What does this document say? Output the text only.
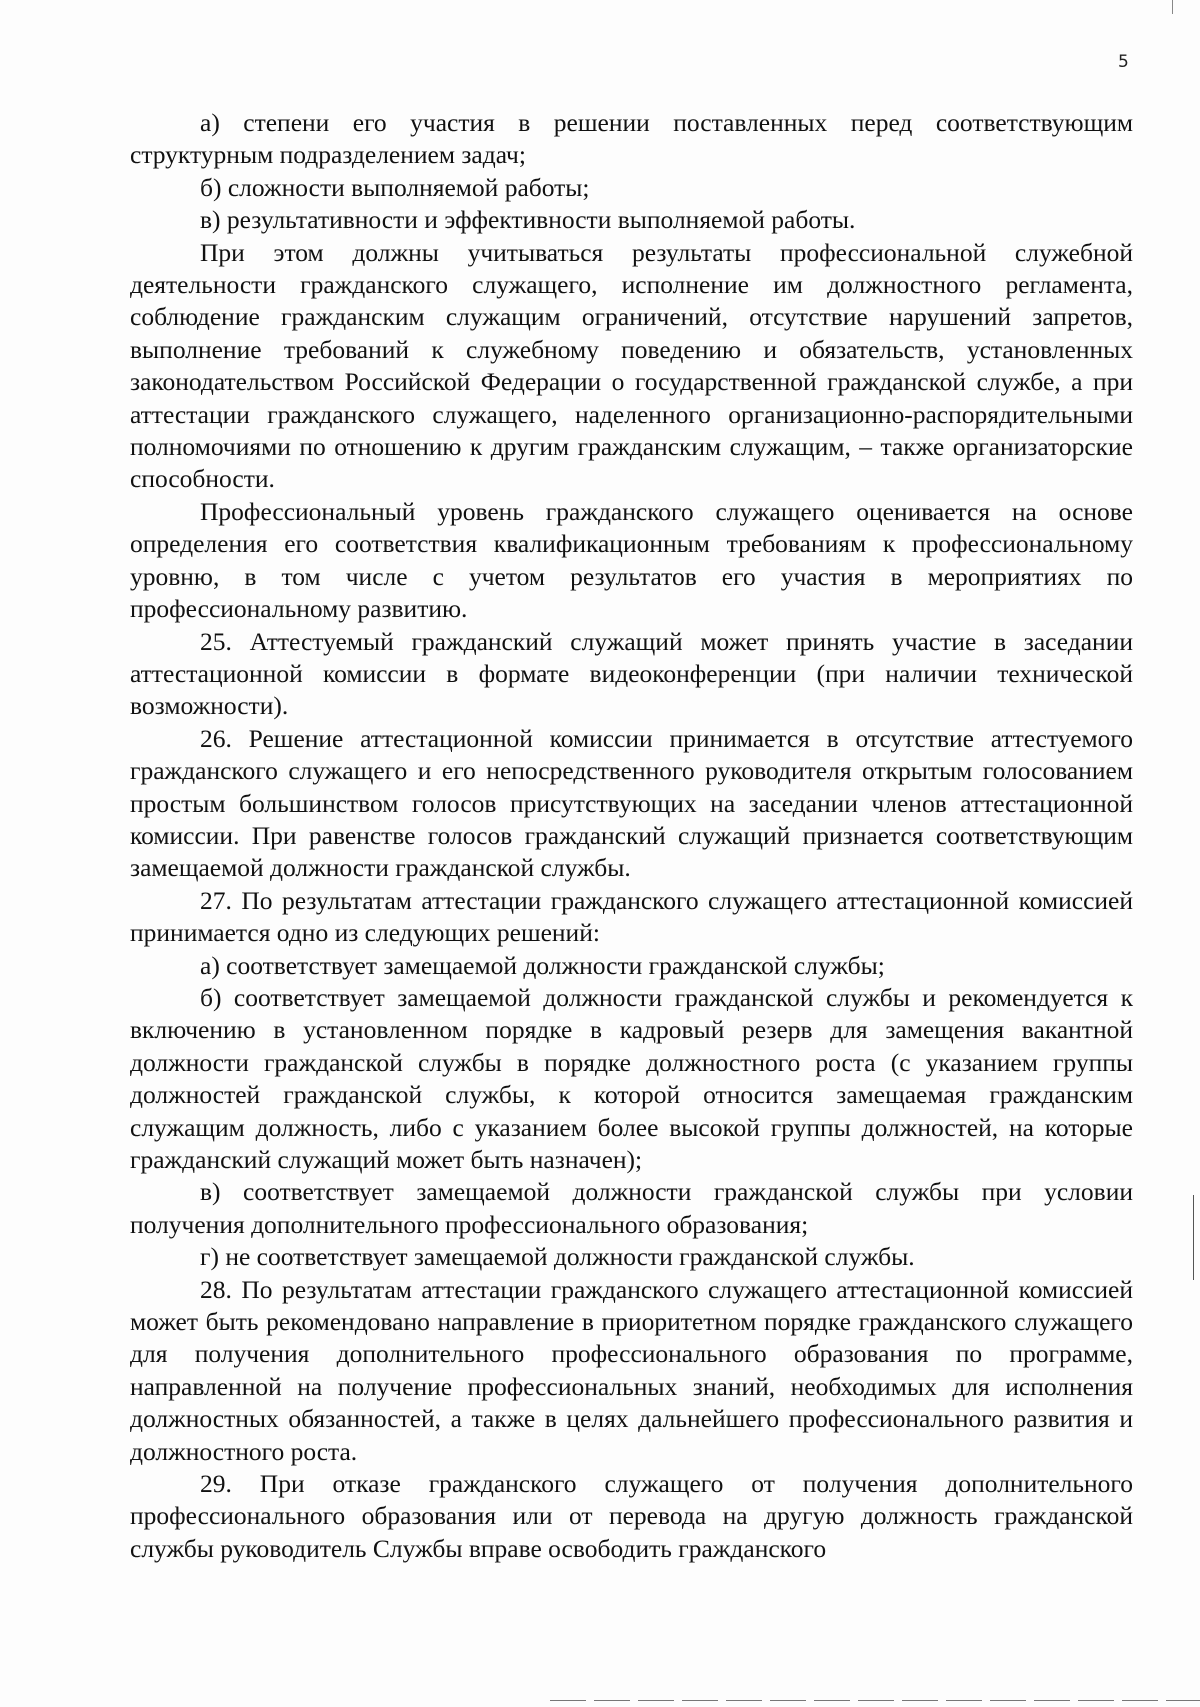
5

а) степени его участия в решении поставленных перед соответствующим структурным подразделением задач;

б) сложности выполняемой работы;

в) результативности и эффективности выполняемой работы.

При этом должны учитываться результаты профессиональной служебной деятельности гражданского служащего, исполнение им должностного регламента, соблюдение гражданским служащим ограничений, отсутствие нарушений запретов, выполнение требований к служебному поведению и обязательств, установленных законодательством Российской Федерации о государственной гражданской службе, а при аттестации гражданского служащего, наделенного организационно-распорядительными полномочиями по отношению к другим гражданским служащим, – также организаторские способности.

Профессиональный уровень гражданского служащего оценивается на основе определения его соответствия квалификационным требованиям к профессиональному уровню, в том числе с учетом результатов его участия в мероприятиях по профессиональному развитию.

25. Аттестуемый гражданский служащий может принять участие в заседании аттестационной комиссии в формате видеоконференции (при наличии технической возможности).

26. Решение аттестационной комиссии принимается в отсутствие аттестуемого гражданского служащего и его непосредственного руководителя открытым голосованием простым большинством голосов присутствующих на заседании членов аттестационной комиссии. При равенстве голосов гражданский служащий признается соответствующим замещаемой должности гражданской службы.

27. По результатам аттестации гражданского служащего аттестационной комиссией принимается одно из следующих решений:

а) соответствует замещаемой должности гражданской службы;

б) соответствует замещаемой должности гражданской службы и рекомендуется к включению в установленном порядке в кадровый резерв для замещения вакантной должности гражданской службы в порядке должностного роста (с указанием группы должностей гражданской службы, к которой относится замещаемая гражданским служащим должность, либо с указанием более высокой группы должностей, на которые гражданский служащий может быть назначен);

в) соответствует замещаемой должности гражданской службы при условии получения дополнительного профессионального образования;

г) не соответствует замещаемой должности гражданской службы.

28. По результатам аттестации гражданского служащего аттестационной комиссией может быть рекомендовано направление в приоритетном порядке гражданского служащего для получения дополнительного профессионального образования по программе, направленной на получение профессиональных знаний, необходимых для исполнения должностных обязанностей, а также в целях дальнейшего профессионального развития и должностного роста.

29. При отказе гражданского служащего от получения дополнительного профессионального образования или от перевода на другую должность гражданской службы руководитель Службы вправе освободить гражданского
